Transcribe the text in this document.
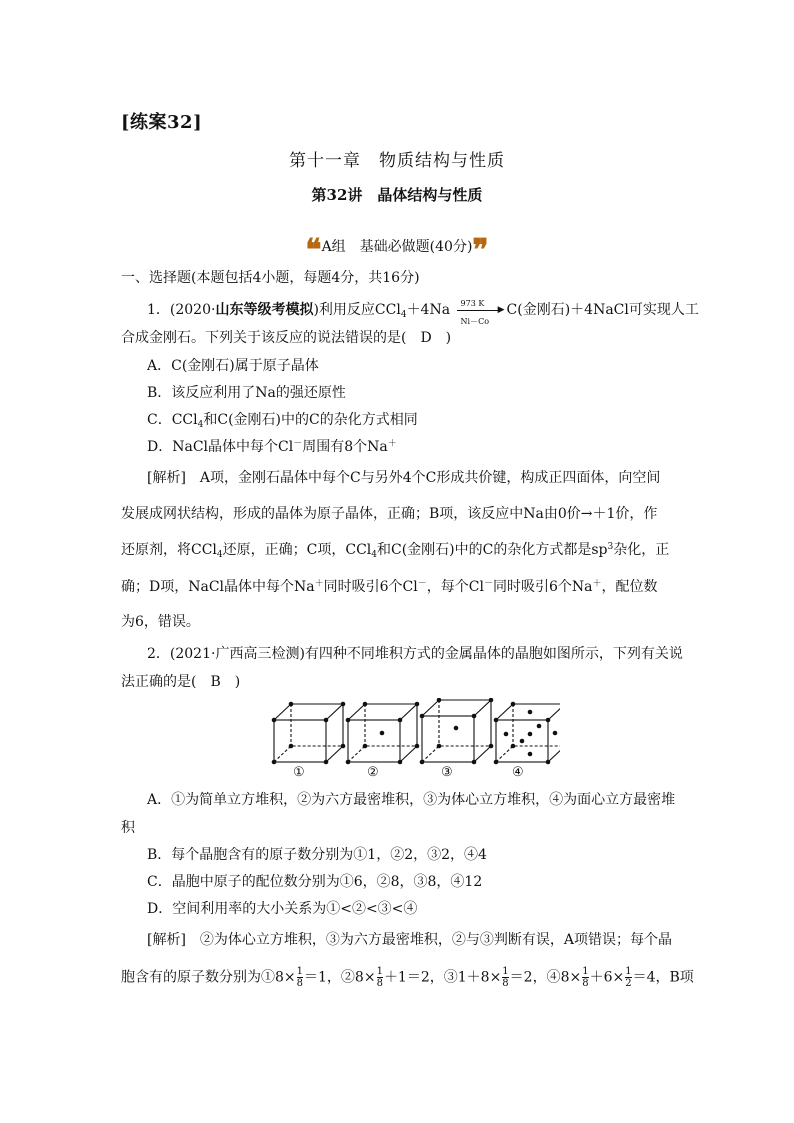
[练案32]
第十一章　物质结构与性质
第32讲　晶体结构与性质
❝A组　基础必做题(40分)❞
一、选择题(本题包括4小题，每题4分，共16分)
1．(2020·山东等级考模拟)利用反应CCl$_4$＋4Na 973 K
▶
Ni－Co
C(金刚石)＋4NaCl可实现人工
合成金刚石。下列关于该反应的说法错误的是(　D　)
A．C(金刚石)属于原子晶体
B．该反应利用了Na的强还原性
C．CCl$_4$和C(金刚石)中的C的杂化方式相同
D．NaCl晶体中每个Cl－周围有8个Na＋
[解析]　A项，金刚石晶体中每个C与另外4个C形成共价键，构成正四面体，向空间
发展成网状结构，形成的晶体为原子晶体，正确；B项，该反应中Na由0价→＋1价，作
还原剂，将CCl$_4$还原，正确；C项，CCl$_4$和C(金刚石)中的C的杂化方式都是$sp^3$杂化，正
确；D项，NaCl晶体中每个Na＋同时吸引6个Cl－，每个Cl－同时吸引6个Na＋，配位数
为6，错误。
2．(2021·广西高三检测)有四种不同堆积方式的金属晶体的晶胞如图所示，下列有关说
法正确的是(　B　)
①	②	③	④
A．①为简单立方堆积，②为六方最密堆积，③为体心立方堆积，④为面心立方最密堆
积
B．每个晶胞含有的原子数分别为①1，②2，③2，④4
C．晶胞中原子的配位数分别为①6，②8，③8，④12
D．空间利用率的大小关系为①<②<③<④
[解析]　②为体心立方堆积，③为六方最密堆积，②与③判断有误，A项错误；每个晶
胞含有的原子数分别为①8× $\frac{1}{8} =1$，②8× $\frac{1}{8} +1=2$，③1＋8× $\frac{1}{8} =2$，④8× $\frac{1}{8} +6\times \frac{1}{2} =4$，B项
